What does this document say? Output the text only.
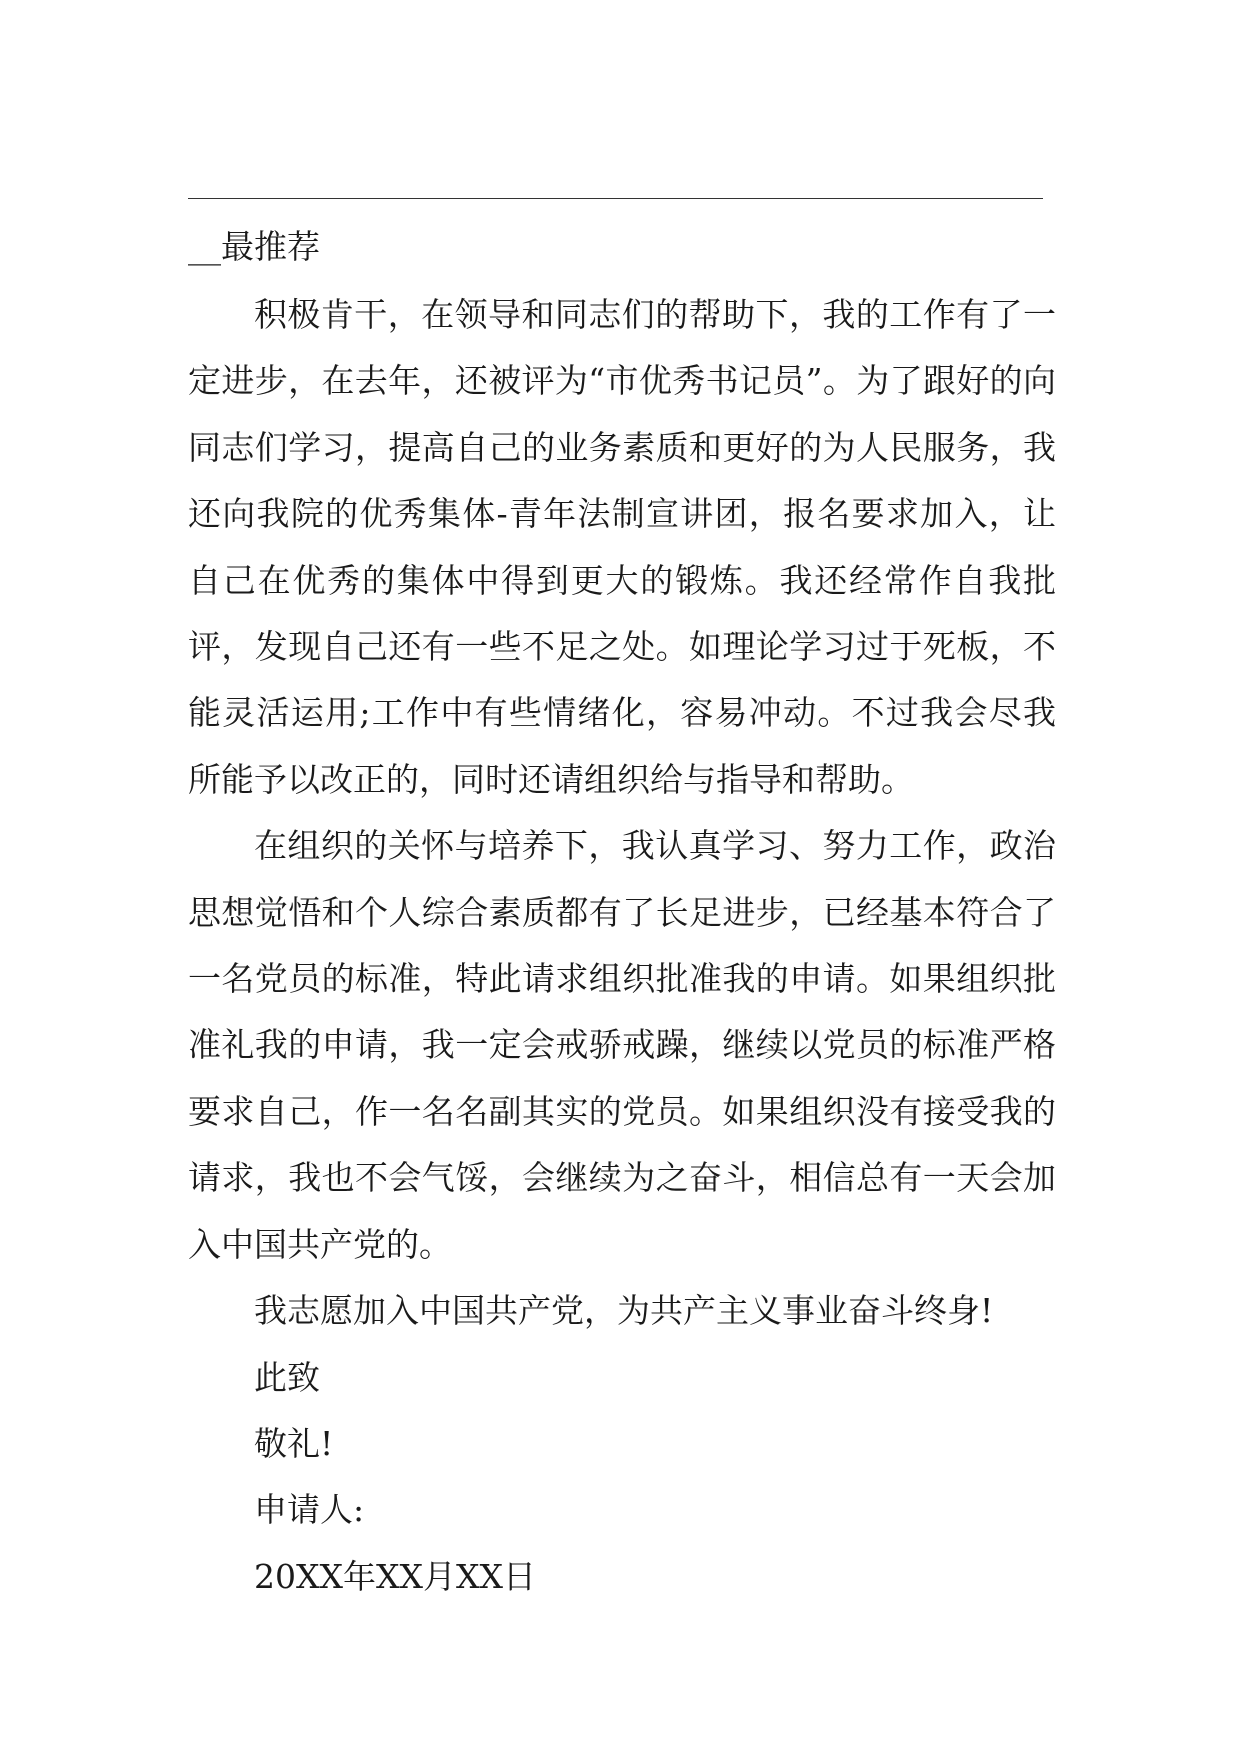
__最推荐

积极肯干，在领导和同志们的帮助下，我的工作有了一定进步，在去年，还被评为“市优秀书记员”。为了跟好的向同志们学习，提高自己的业务素质和更好的为人民服务，我还向我院的优秀集体-青年法制宣讲团，报名要求加入，让自己在优秀的集体中得到更大的锻炼。我还经常作自我批评，发现自己还有一些不足之处。如理论学习过于死板，不能灵活运用;工作中有些情绪化，容易冲动。不过我会尽我所能予以改正的，同时还请组织给与指导和帮助。

在组织的关怀与培养下，我认真学习、努力工作，政治思想觉悟和个人综合素质都有了长足进步，已经基本符合了一名党员的标准，特此请求组织批准我的申请。如果组织批准礼我的申请，我一定会戒骄戒躁，继续以党员的标准严格要求自己，作一名名副其实的党员。如果组织没有接受我的请求，我也不会气馁，会继续为之奋斗，相信总有一天会加入中国共产党的。

我志愿加入中国共产党，为共产主义事业奋斗终身!

此致

敬礼!

申请人:

20XX年XX月XX日
